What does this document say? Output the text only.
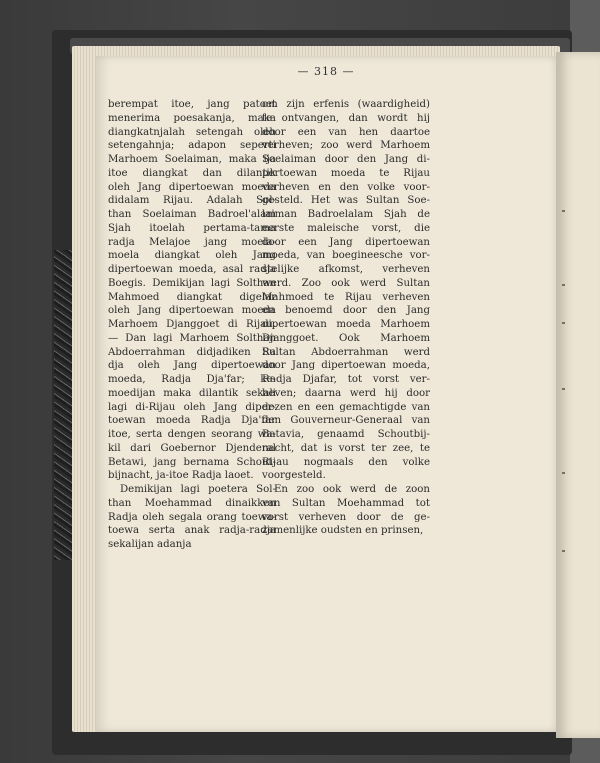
— 318 —
berempat itoe, jang patoet
menerima poesakanja, maka
diangkatnjalah setengah oleh
setengahnja; adapon seperti
Marhoem Soelaiman, maka ija
itoe diangkat dan dilantik
oleh Jang dipertoewan moeda
didalam Rijau. Adalah Sol-
than Soelaiman Badroel'alam
Sjah itoelah pertama-tama
radja Melajoe jang moela-
moela diangkat oleh Jang
dipertoewan moeda, asal radja
Boegis. Demikijan lagi Solthan
Mahmoed diangkat digelar
oleh Jang dipertoewan moeda
Marhoem Djanggoet di Rijau.
— Dan lagi Marhoem Solthan
Abdoerrahman didjadiken Ra
dja oleh Jang dipertoewan
moeda, Radja Dja'far; ke-
moedijan maka dilantik sekali
lagi di-Rijau oleh Jang diper-
toewan moeda Radja Dja'far
itoe, serta dengen seorang wa-
kil dari Goebernor Djenderal
Betawi, jang bernama Schout-
bijnacht, ja-itoe Radja laoet.
Demikijan lagi poetera Sol-
than Moehammad dinaikken
Radja oleh segala orang toewa-
toewa serta anak radja-radja
sekalijan adanja
om zijn erfenis (waardigheid)
te ontvangen, dan wordt hij
door een van hen daartoe
verheven; zoo werd Marhoem
Soelaiman door den Jang di-
pertoewan moeda te Rijau
verheven en den volke voor-
gesteld. Het was Sultan Soe-
laiman Badroelalam Sjah de
eerste maleische vorst, die
door een Jang dipertoewan
moeda, van boegineesche vor-
stelijke afkomst, verheven
werd. Zoo ook werd Sultan
Mahmoed te Rijau verheven
en benoemd door den Jang
dipertoewan moeda Marhoem
Djanggoet. Ook Marhoem
Sultan Abdoerrahman werd
door Jang dipertoewan moeda,
Radja Djafar, tot vorst ver-
heven; daarna werd hij door
dezen en een gemachtigde van
den Gouverneur-Generaal van
Batavia, genaamd Schoutbij-
nacht, dat is vorst ter zee, te
Rijau nogmaals den volke
voorgesteld.
En zoo ook werd de zoon
van Sultan Moehammad tot
vorst verheven door de ge-
zamenlijke oudsten en prinsen,
